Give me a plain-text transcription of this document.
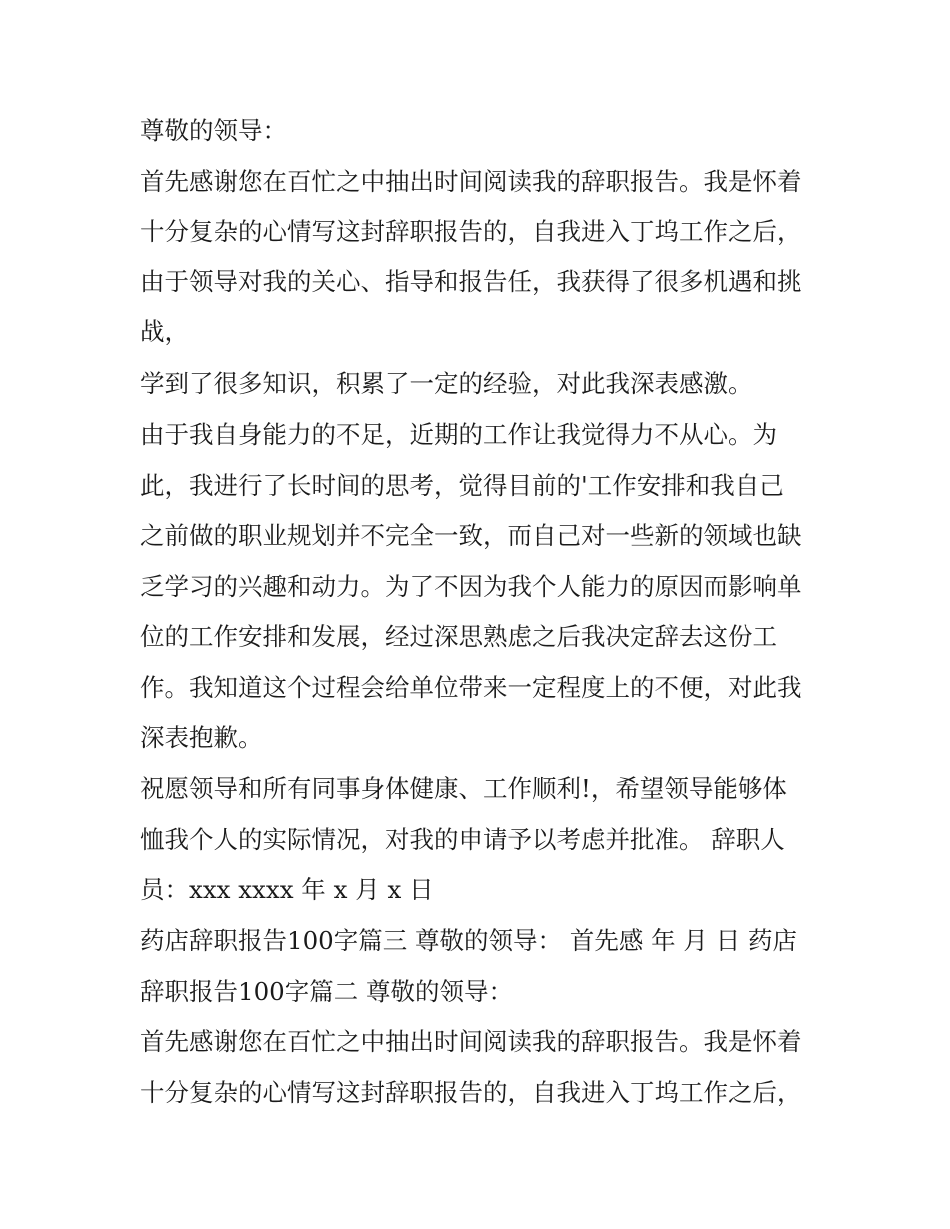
尊敬的领导：
首先感谢您在百忙之中抽出时间阅读我的辞职报告。我是怀着
十分复杂的心情写这封辞职报告的，自我进入丁坞工作之后，
由于领导对我的关心、指导和报告任，我获得了很多机遇和挑
战，
学到了很多知识，积累了一定的经验，对此我深表感激。
由于我自身能力的不足，近期的工作让我觉得力不从心。为
此，我进行了长时间的思考，觉得目前的'工作安排和我自己
之前做的职业规划并不完全一致，而自己对一些新的领域也缺
乏学习的兴趣和动力。为了不因为我个人能力的原因而影响单
位的工作安排和发展，经过深思熟虑之后我决定辞去这份工
作。我知道这个过程会给单位带来一定程度上的不便，对此我
深表抱歉。
祝愿领导和所有同事身体健康、工作顺利!，希望领导能够体
恤我个人的实际情况，对我的申请予以考虑并批准。 辞职人
员：xxx xxxx 年 x 月 x 日
药店辞职报告100字篇三 尊敬的领导： 首先感 年 月 日 药店
辞职报告100字篇二 尊敬的领导：
首先感谢您在百忙之中抽出时间阅读我的辞职报告。我是怀着
十分复杂的心情写这封辞职报告的，自我进入丁坞工作之后，
